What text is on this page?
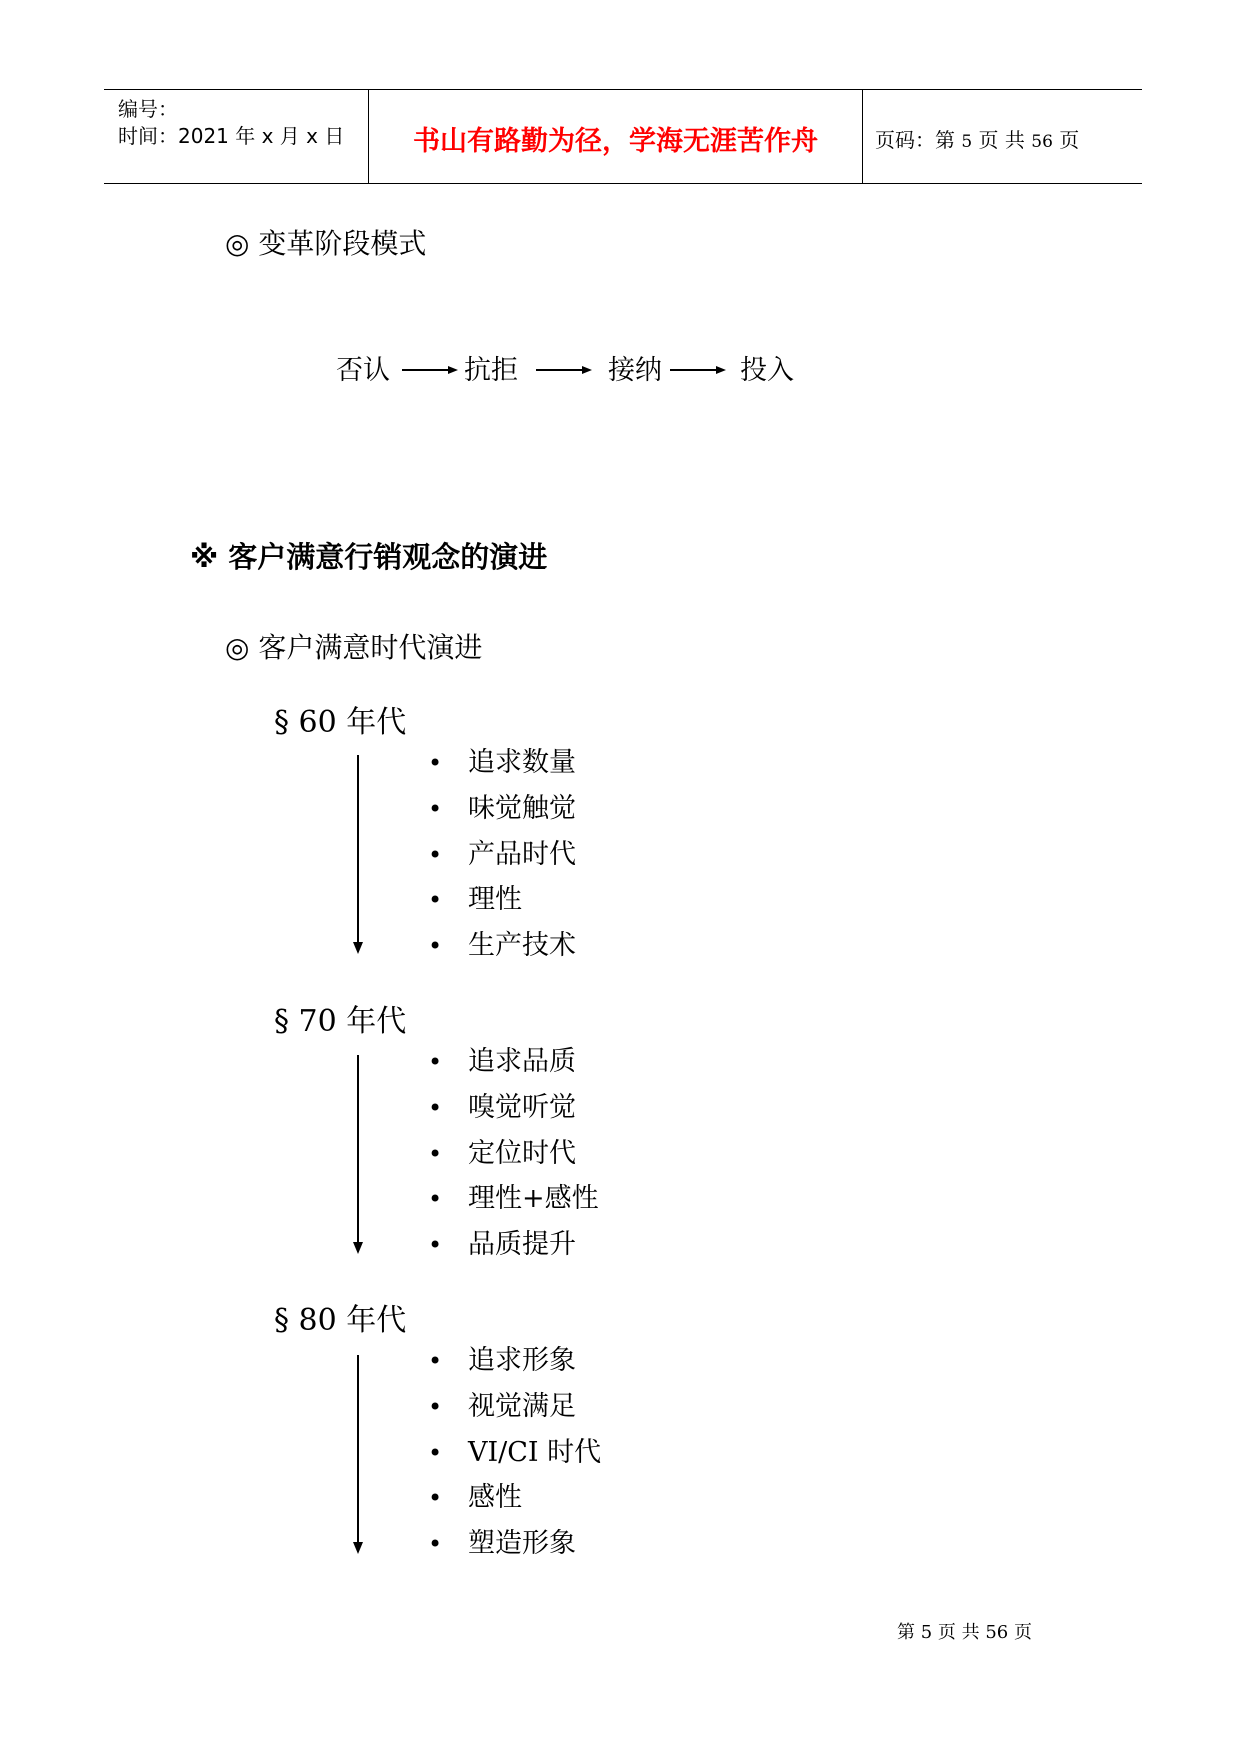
编号：
时间：2021 年 x 月 x 日	书山有路勤为径，学海无涯苦作舟	页码：第 5 页 共 56 页
◎ 变革阶段模式
否认	抗拒	接纳	投入
※ 客户满意行销观念的演进
◎ 客户满意时代演进
§ 60 年代
• 追求数量
• 味觉触觉
• 产品时代
• 理性
• 生产技术
§ 70 年代
• 追求品质
• 嗅觉听觉
• 定位时代
• 理性+感性
• 品质提升
§ 80 年代
• 追求形象
• 视觉满足
• VI/CI 时代
• 感性
• 塑造形象
第 5 页 共 56 页
